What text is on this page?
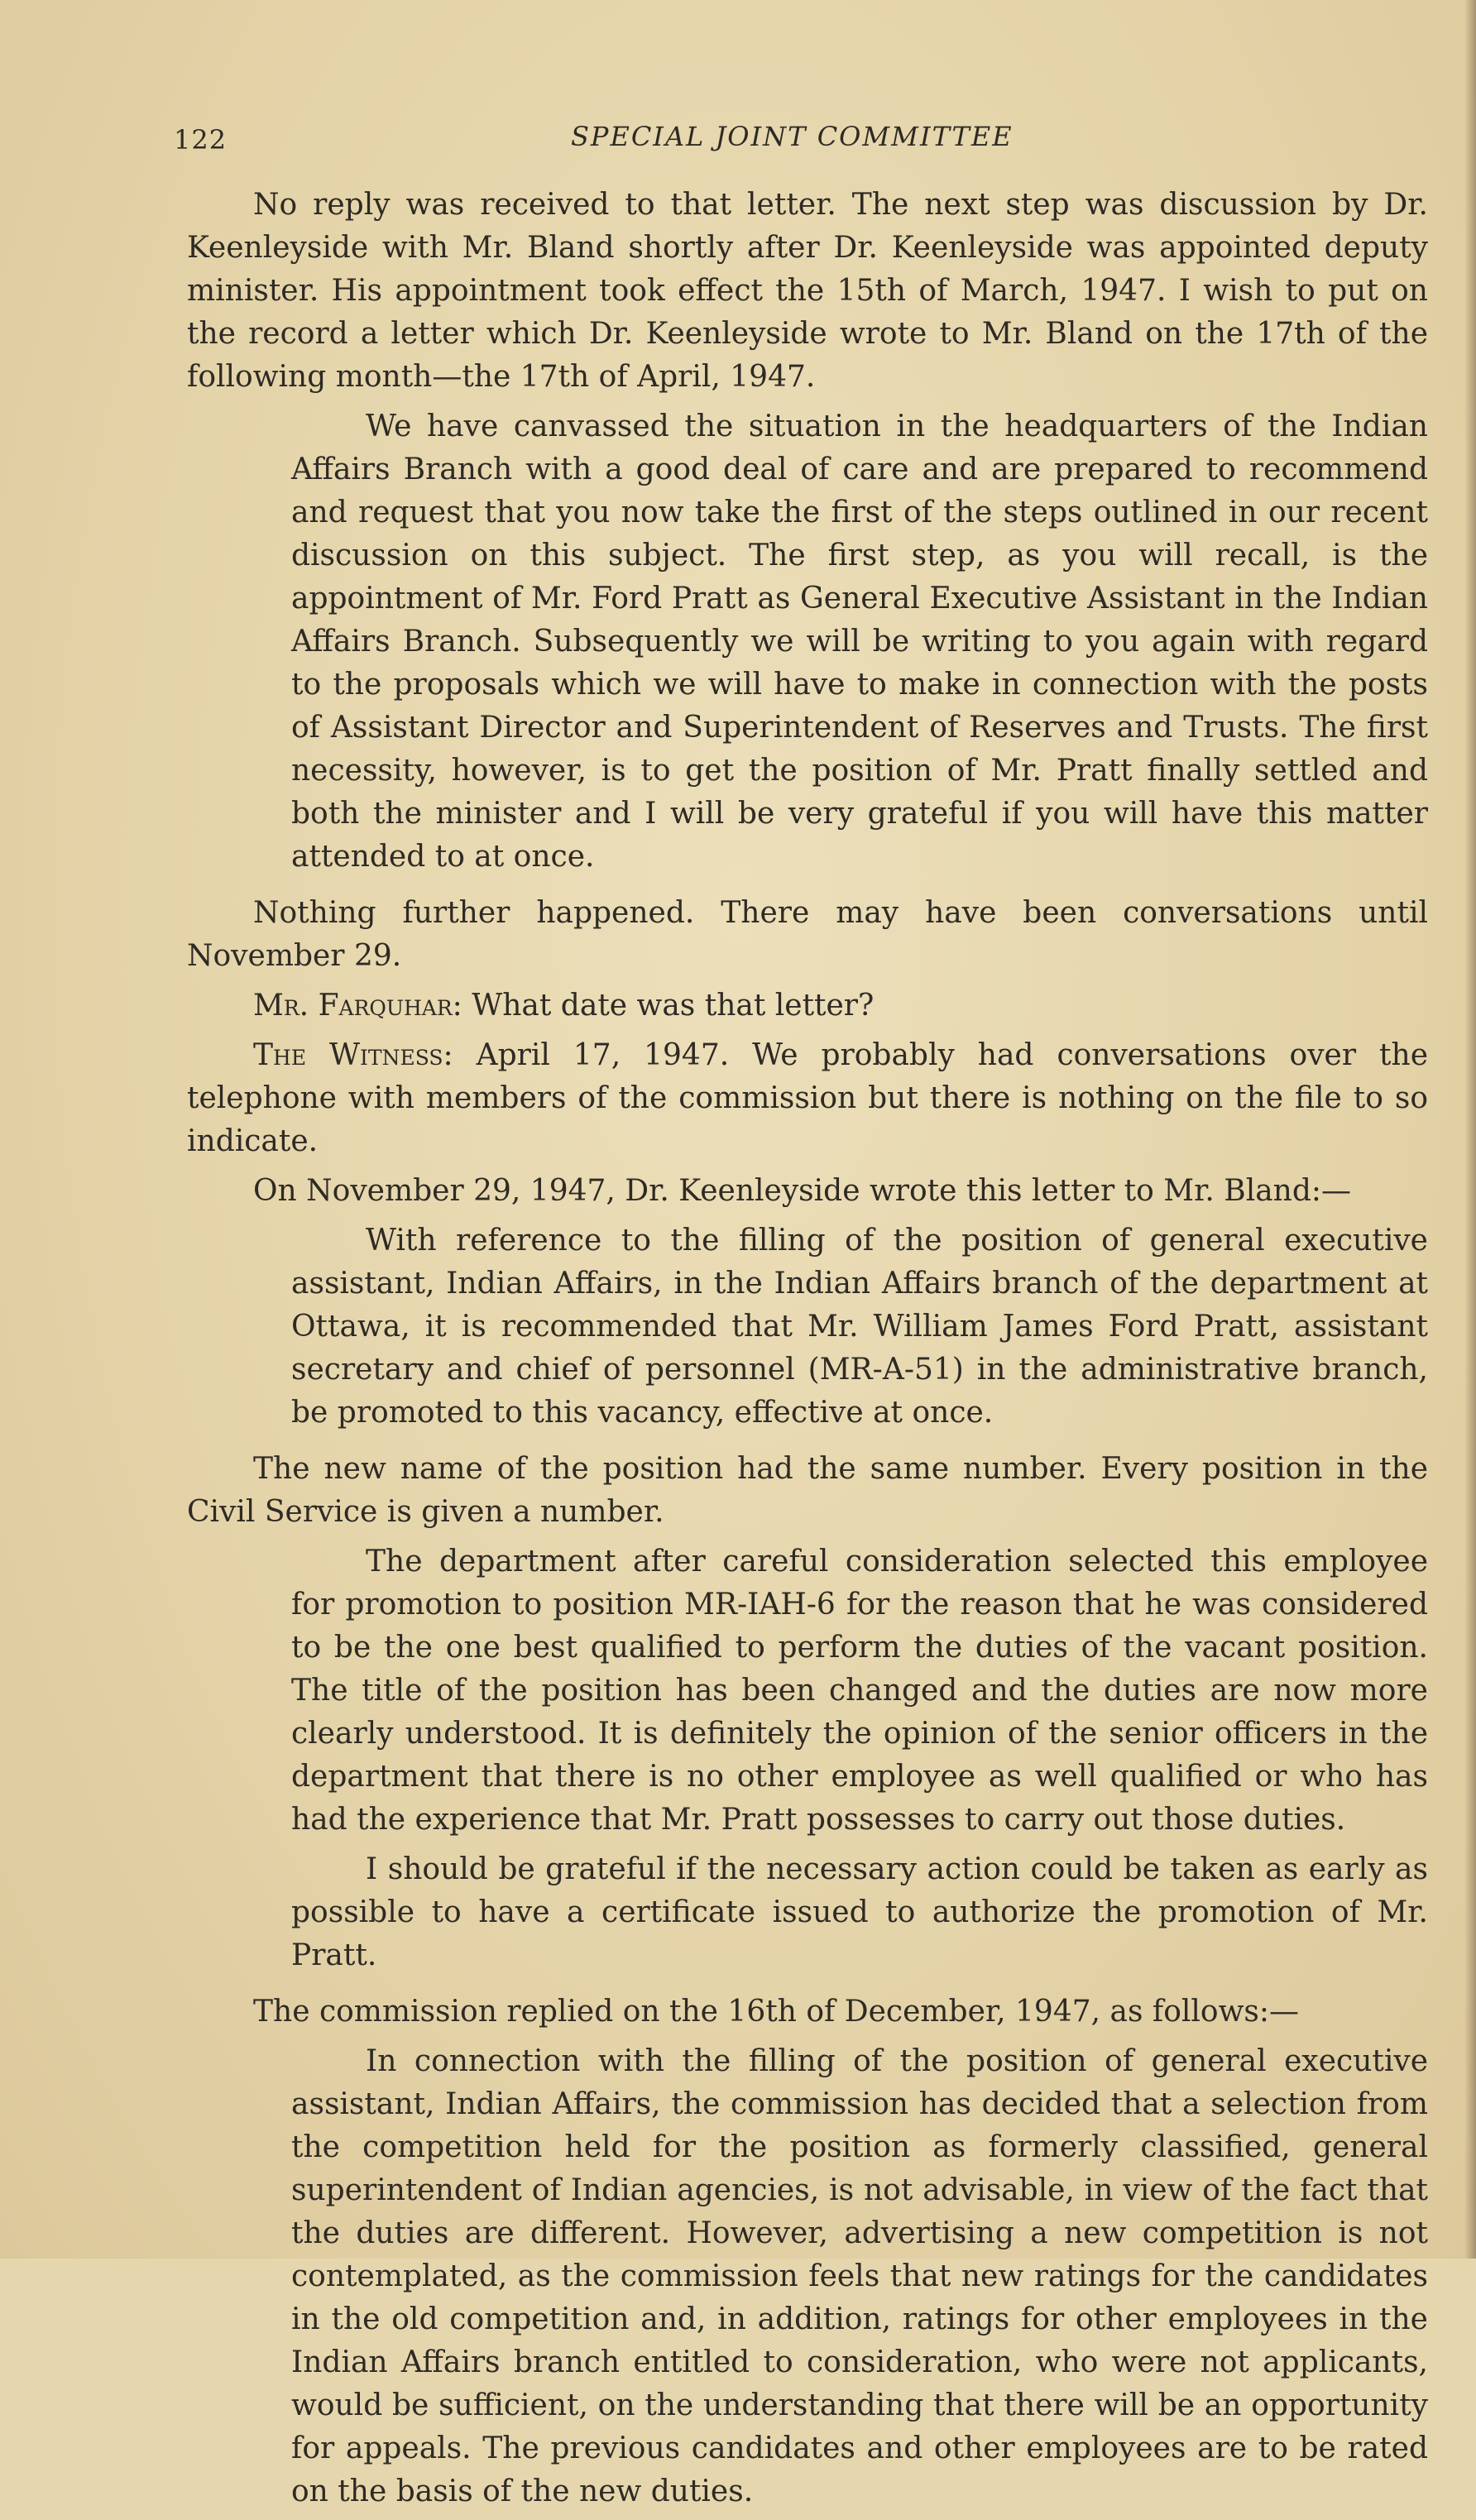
122	SPECIAL JOINT COMMITTEE

No reply was received to that letter. The next step was discussion by Dr. Keenleyside with Mr. Bland shortly after Dr. Keenleyside was appointed deputy minister. His appointment took effect the 15th of March, 1947. I wish to put on the record a letter which Dr. Keenleyside wrote to Mr. Bland on the 17th of the following month—the 17th of April, 1947.

We have canvassed the situation in the headquarters of the Indian Affairs Branch with a good deal of care and are prepared to recommend and request that you now take the first of the steps outlined in our recent discussion on this subject. The first step, as you will recall, is the appointment of Mr. Ford Pratt as General Executive Assistant in the Indian Affairs Branch. Subsequently we will be writing to you again with regard to the proposals which we will have to make in connection with the posts of Assistant Director and Superintendent of Reserves and Trusts. The first necessity, however, is to get the position of Mr. Pratt finally settled and both the minister and I will be very grateful if you will have this matter attended to at once.

Nothing further happened. There may have been conversations until November 29.

Mr. Farquhar: What date was that letter?

The Witness: April 17, 1947. We probably had conversations over the telephone with members of the commission but there is nothing on the file to so indicate.

On November 29, 1947, Dr. Keenleyside wrote this letter to Mr. Bland:—

With reference to the filling of the position of general executive assistant, Indian Affairs, in the Indian Affairs branch of the department at Ottawa, it is recommended that Mr. William James Ford Pratt, assistant secretary and chief of personnel (MR-A-51) in the administrative branch, be promoted to this vacancy, effective at once.

The new name of the position had the same number. Every position in the Civil Service is given a number.

The department after careful consideration selected this employee for promotion to position MR-IAH-6 for the reason that he was considered to be the one best qualified to perform the duties of the vacant position. The title of the position has been changed and the duties are now more clearly understood. It is definitely the opinion of the senior officers in the department that there is no other employee as well qualified or who has had the experience that Mr. Pratt possesses to carry out those duties.

I should be grateful if the necessary action could be taken as early as possible to have a certificate issued to authorize the promotion of Mr. Pratt.

The commission replied on the 16th of December, 1947, as follows:—

In connection with the filling of the position of general executive assistant, Indian Affairs, the commission has decided that a selection from the competition held for the position as formerly classified, general superintendent of Indian agencies, is not advisable, in view of the fact that the duties are different. However, advertising a new competition is not contemplated, as the commission feels that new ratings for the candidates in the old competition and, in addition, ratings for other employees in the Indian Affairs branch entitled to consideration, who were not applicants, would be sufficient, on the understanding that there will be an opportunity for appeals. The previous candidates and other employees are to be rated on the basis of the new duties.
